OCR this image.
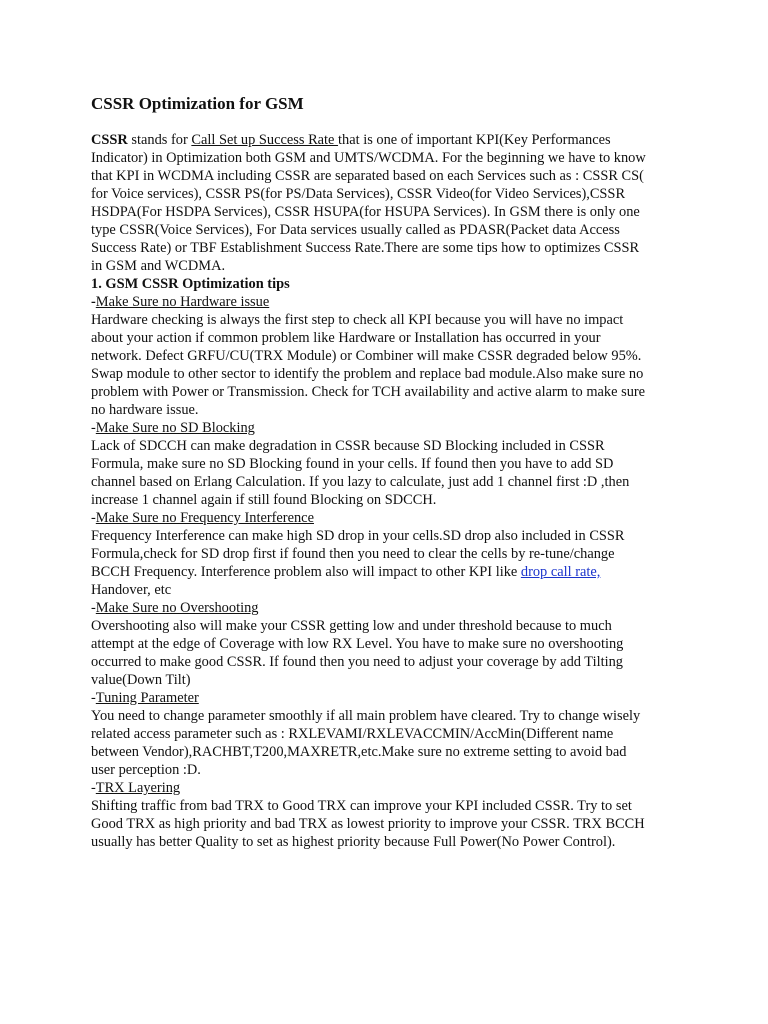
CSSR Optimization for GSM

CSSR stands for Call Set up Success Rate that is one of important KPI(Key Performances
Indicator) in Optimization both GSM and UMTS/WCDMA. For the beginning we have to know
that KPI in WCDMA including CSSR are separated based on each Services such as : CSSR CS(
for Voice services), CSSR PS(for PS/Data Services), CSSR Video(for Video Services),CSSR
HSDPA(For HSDPA Services), CSSR HSUPA(for HSUPA Services). In GSM there is only one
type CSSR(Voice Services), For Data services usually called as PDASR(Packet data Access
Success Rate) or TBF Establishment Success Rate.There are some tips how to optimizes CSSR
in GSM and WCDMA.

1. GSM CSSR Optimization tips

-Make Sure no Hardware issue
Hardware checking is always the first step to check all KPI because you will have no impact
about your action if common problem like Hardware or Installation has occurred in your
network. Defect GRFU/CU(TRX Module) or Combiner will make CSSR degraded below 95%.
Swap module to other sector to identify the problem and replace bad module.Also make sure no
problem with Power or Transmission. Check for TCH availability and active alarm to make sure
no hardware issue.

-Make Sure no SD Blocking
Lack of SDCCH can make degradation in CSSR because SD Blocking included in CSSR
Formula, make sure no SD Blocking found in your cells. If found then you have to add SD
channel based on Erlang Calculation. If you lazy to calculate, just add 1 channel first :D ,then
increase 1 channel again if still found Blocking on SDCCH.

-Make Sure no Frequency Interference
Frequency Interference can make high SD drop in your cells.SD drop also included in CSSR
Formula,check for SD drop first if found then you need to clear the cells by re-tune/change
BCCH Frequency. Interference problem also will impact to other KPI like drop call rate,
Handover, etc

-Make Sure no Overshooting
Overshooting also will make your CSSR getting low and under threshold because to much
attempt at the edge of Coverage with low RX Level. You have to make sure no overshooting
occurred to make good CSSR. If found then you need to adjust your coverage by add Tilting
value(Down Tilt)

-Tuning Parameter
You need to change parameter smoothly if all main problem have cleared. Try to change wisely
related access parameter such as : RXLEVAMI/RXLEVACCMIN/AccMin(Different name
between Vendor),RACHBT,T200,MAXRETR,etc.Make sure no extreme setting to avoid bad
user perception :D.

-TRX Layering
Shifting traffic from bad TRX to Good TRX can improve your KPI included CSSR. Try to set
Good TRX as high priority and bad TRX as lowest priority to improve your CSSR. TRX BCCH
usually has better Quality to set as highest priority because Full Power(No Power Control).
